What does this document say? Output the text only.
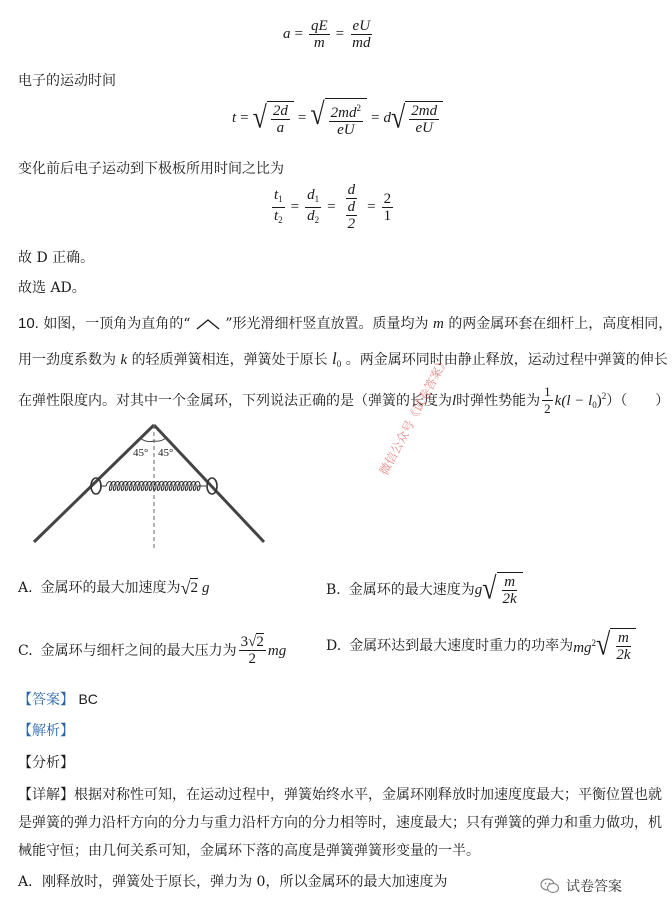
$a = \frac{qE}{m} = \frac{eU}{md}$
电子的运动时间
t = √ $\frac{2d}{a}$ = √ $\frac{2md^2}{eU} = d$ √ $\frac{2md}{eU}$
变化前后电子运动到下极板所用时间之比为
$\frac{t_1}{t_2} = \frac{d_1}{d_2} = \frac{d}{\frac{d}{2}} = \frac{2}{1}$
故 D 正确。
故选 AD。
10. 如图，一顶角为直角的“ ”形光滑细杆竖直放置。质量均为 m 的两金属环套在细杆上，高度相同，
用一劲度系数为 k 的轻质弹簧相连，弹簧处于原长 $l_0$ 。两金属环同时由静止释放，运动过程中弹簧的伸长
在弹性限度内。对其中一个金属环，下列说法正确的是（弹簧的长度为 l 时弹性势能为 $\frac{1}{2} k(l - l_0)^2$ ）（　　）
45° 45°	微信公众号《试卷答案》
A. 金属环的最大加速度为 √ 2 g	B. 金属环的最大速度为 g √ $\frac{m}{2k}$
C. 金属环与细杆之间的最大压力为 $\frac{3√2}{2}$ mg	D. 金属环达到最大速度时重力的功率为 $mg^2$ √ $\frac{m}{2k}$
【答案】 BC
【解析】
【分析】
【详解】根据对称性可知，在运动过程中，弹簧始终水平，金属环刚释放时加速度度最大；平衡位置也就
是弹簧的弹力沿杆方向的分力与重力沿杆方向的分力相等时，速度最大；只有弹簧的弹力和重力做功，机
械能守恒；由几何关系可知，金属环下落的高度是弹簧弹簧形变量的一半。
A．刚释放时，弹簧处于原长，弹力为 0，所以金属环的最大加速度为	试卷答案
